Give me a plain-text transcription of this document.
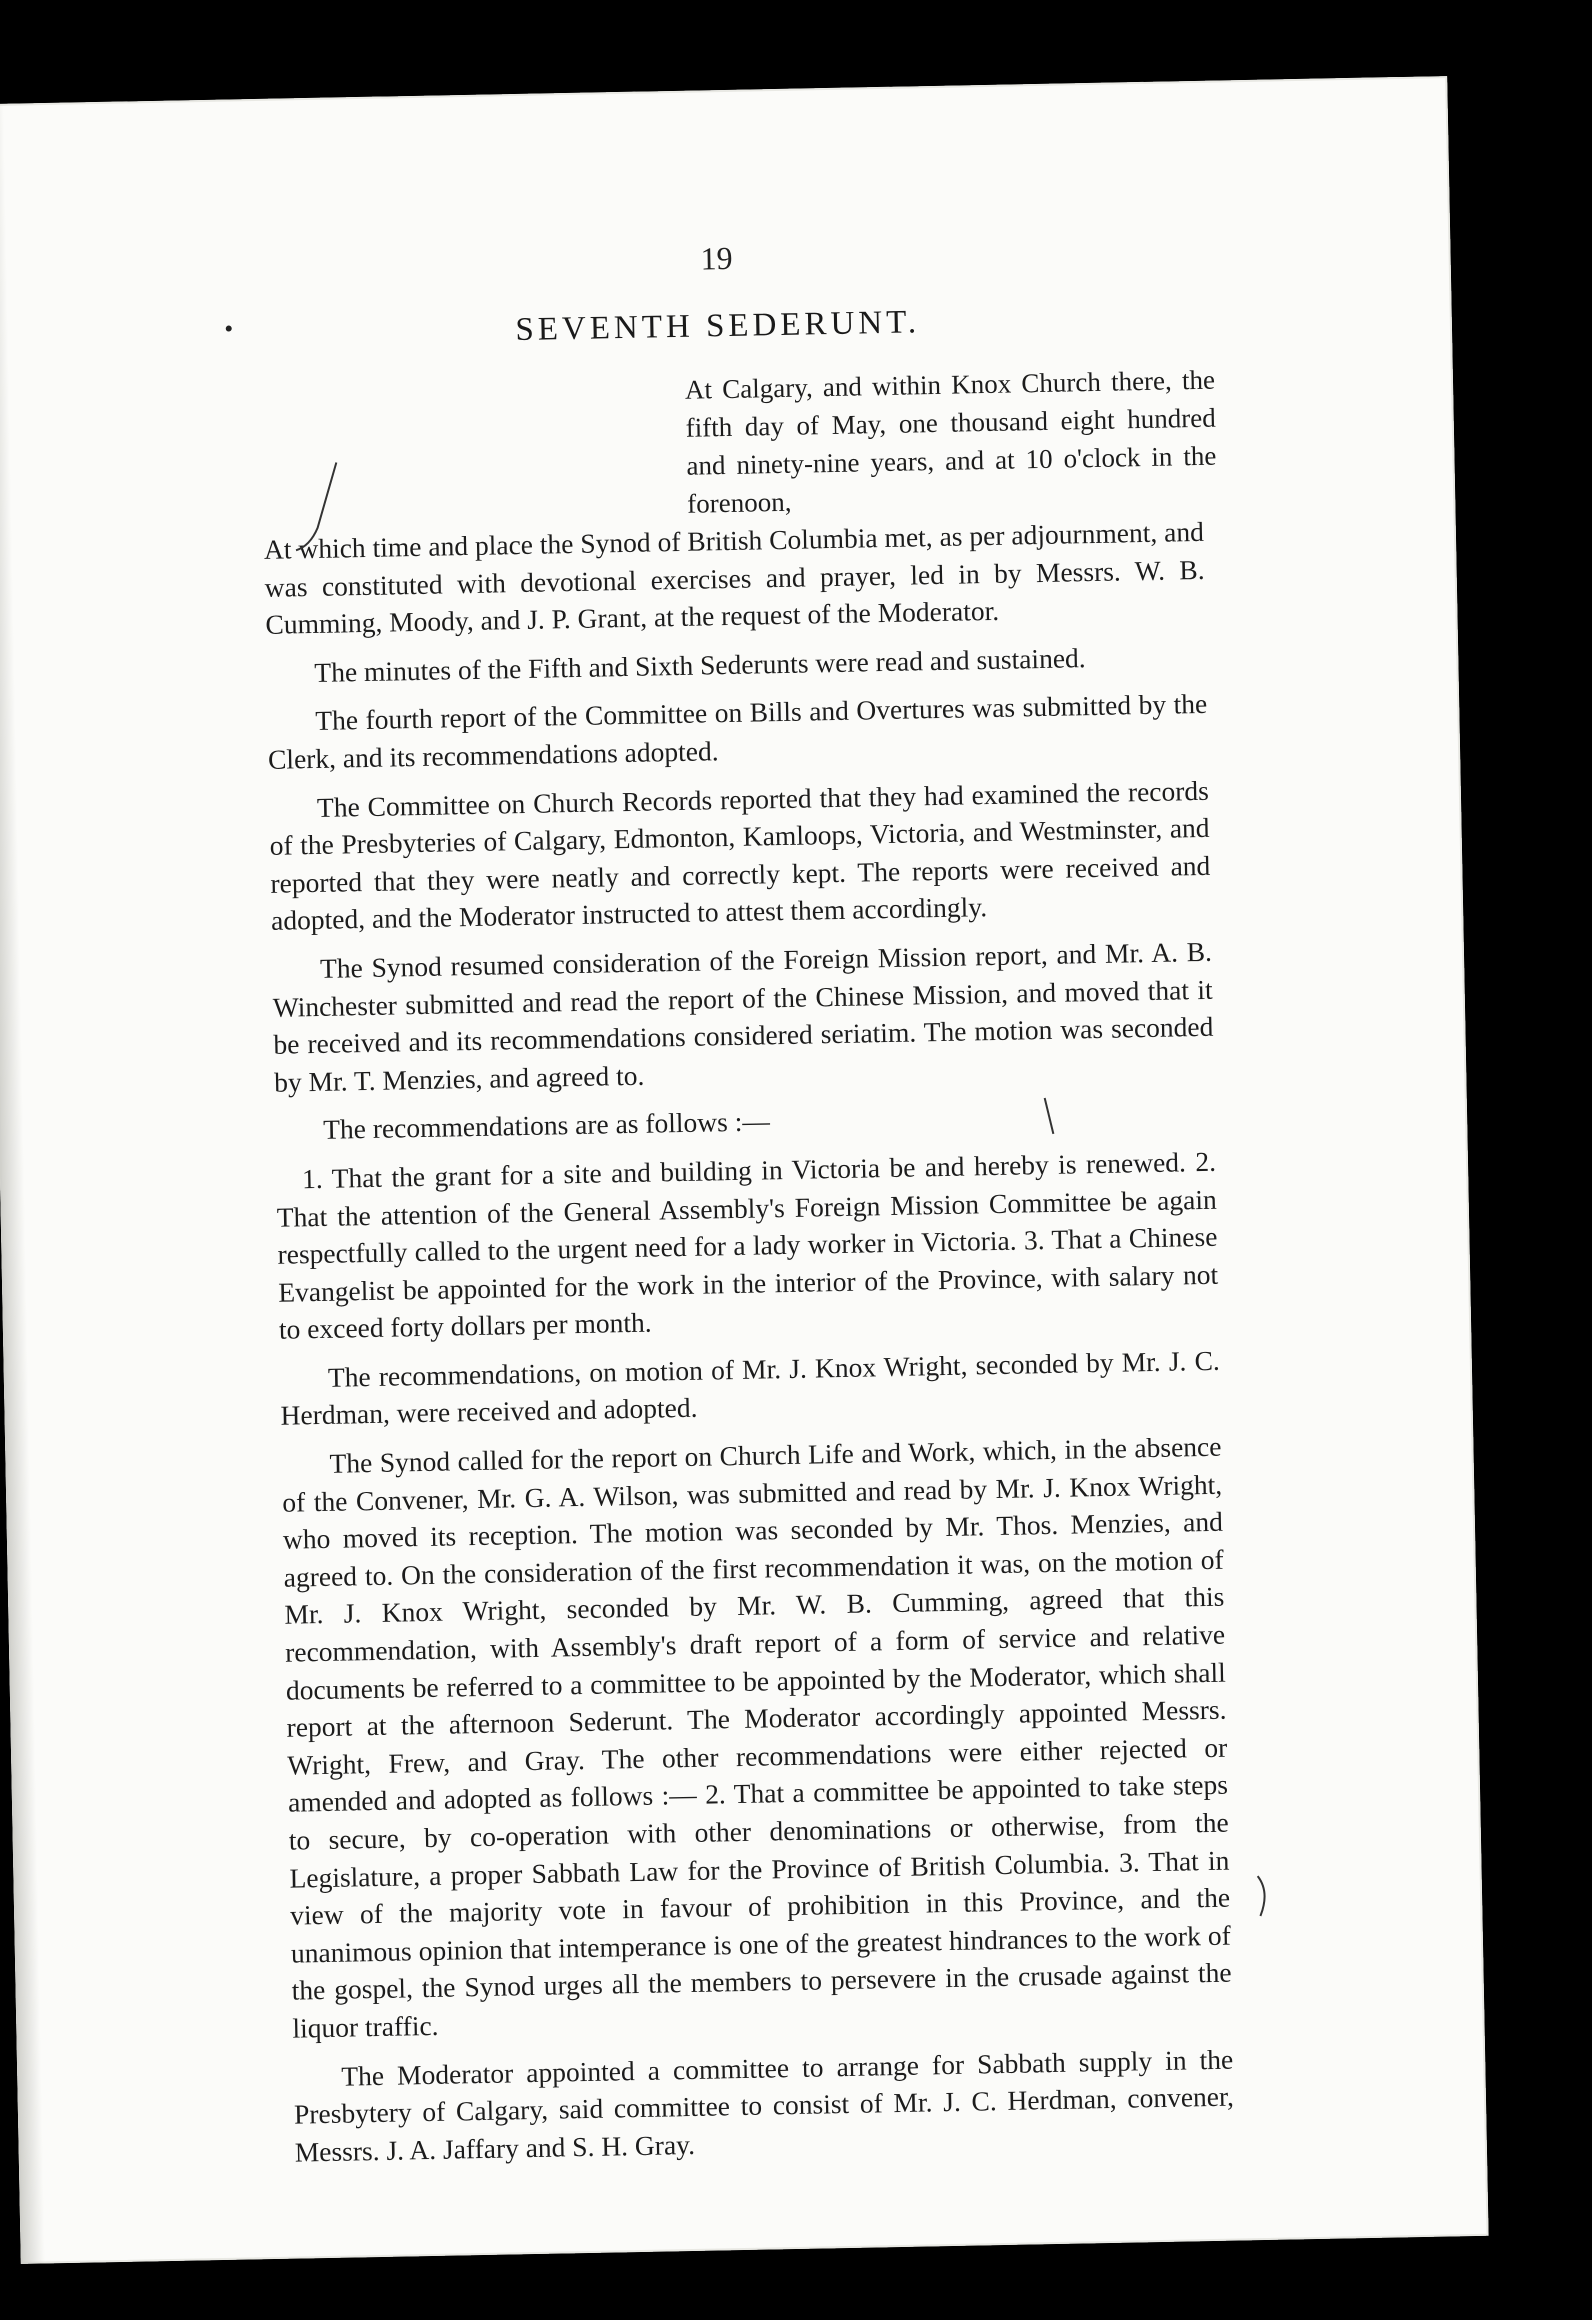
19
SEVENTH SEDERUNT.
At Calgary, and within Knox Church there, the fifth day of May, one thousand eight hundred and ninety-nine years, and at 10 o'clock in the forenoon,

At which time and place the Synod of British Columbia met, as per adjournment, and was constituted with devotional exercises and prayer, led in by Messrs. W. B. Cumming, Moody, and J. P. Grant, at the request of the Moderator.

The minutes of the Fifth and Sixth Sederunts were read and sustained.

The fourth report of the Committee on Bills and Overtures was submitted by the Clerk, and its recommendations adopted.

The Committee on Church Records reported that they had examined the records of the Presbyteries of Calgary, Edmonton, Kamloops, Victoria, and Westminster, and reported that they were neatly and correctly kept. The reports were received and adopted, and the Moderator instructed to attest them accordingly.

The Synod resumed consideration of the Foreign Mission report, and Mr. A. B. Winchester submitted and read the report of the Chinese Mission, and moved that it be received and its recommendations considered seriatim. The motion was seconded by Mr. T. Menzies, and agreed to.

The recommendations are as follows :—

1. That the grant for a site and building in Victoria be and hereby is renewed. 2. That the attention of the General Assembly's Foreign Mission Committee be again respectfully called to the urgent need for a lady worker in Victoria. 3. That a Chinese Evangelist be appointed for the work in the interior of the Province, with salary not to exceed forty dollars per month.

The recommendations, on motion of Mr. J. Knox Wright, seconded by Mr. J. C. Herdman, were received and adopted.

The Synod called for the report on Church Life and Work, which, in the absence of the Convener, Mr. G. A. Wilson, was submitted and read by Mr. J. Knox Wright, who moved its reception. The motion was seconded by Mr. Thos. Menzies, and agreed to. On the consideration of the first recommendation it was, on the motion of Mr. J. Knox Wright, seconded by Mr. W. B. Cumming, agreed that this recommendation, with Assembly's draft report of a form of service and relative documents be referred to a committee to be appointed by the Moderator, which shall report at the afternoon Sederunt. The Moderator accordingly appointed Messrs. Wright, Frew, and Gray. The other recommendations were either rejected or amended and adopted as follows :— 2. That a committee be appointed to take steps to secure, by co-operation with other denominations or otherwise, from the Legislature, a proper Sabbath Law for the Province of British Columbia. 3. That in view of the majority vote in favour of prohibition in this Province, and the unanimous opinion that intemperance is one of the greatest hindrances to the work of the gospel, the Synod urges all the members to persevere in the crusade against the liquor traffic.

The Moderator appointed a committee to arrange for Sabbath supply in the Presbytery of Calgary, said committee to consist of Mr. J. C. Herdman, convener, Messrs. J. A. Jaffary and S. H. Gray.
